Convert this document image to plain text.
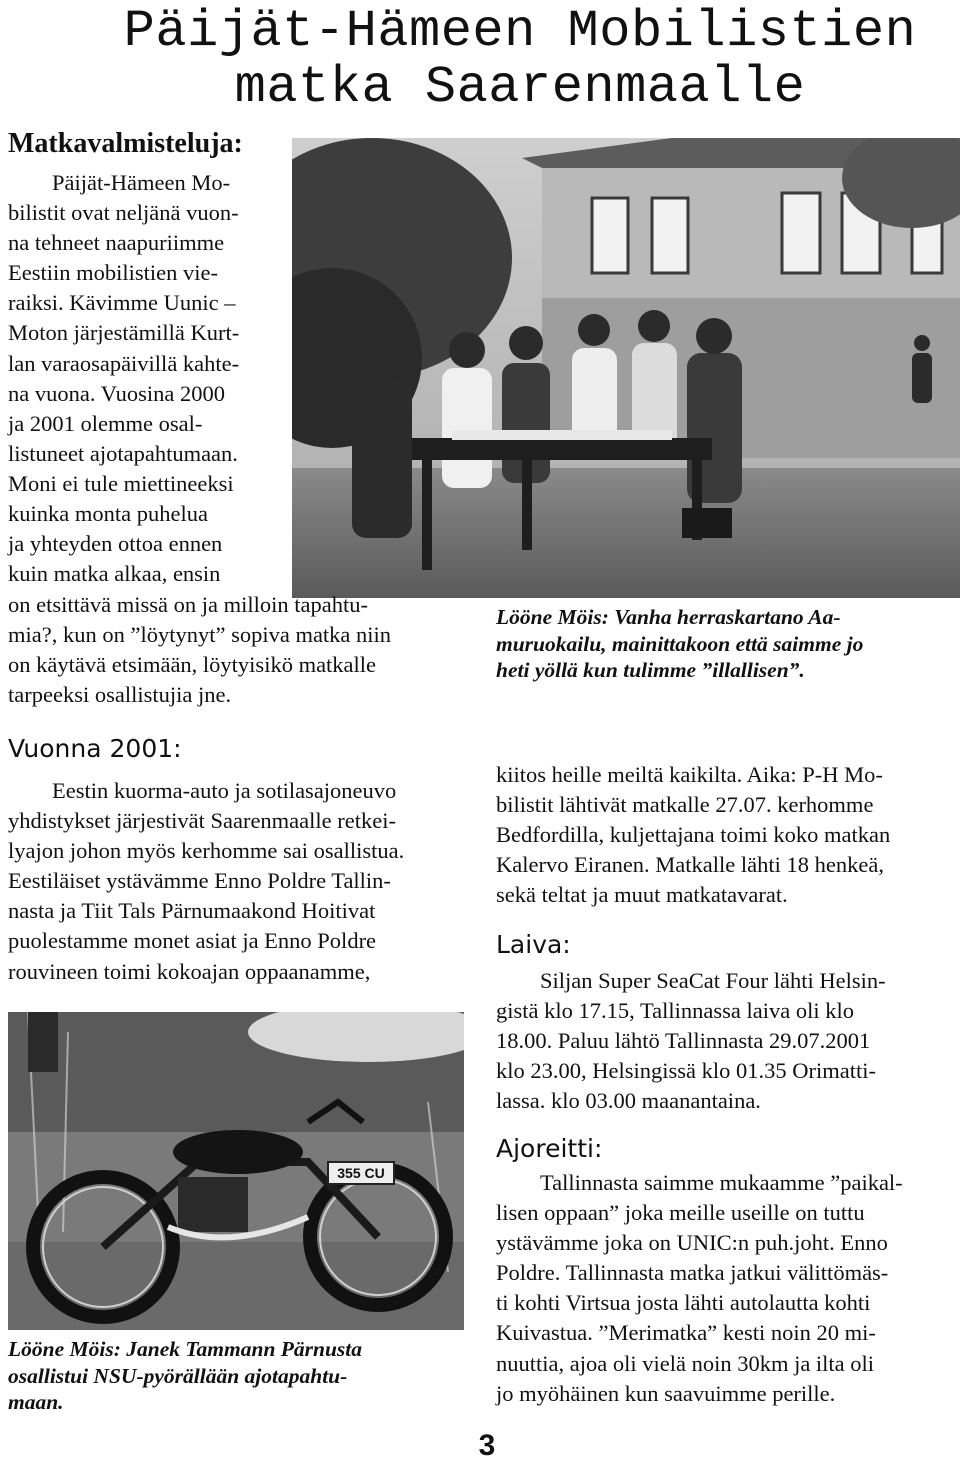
Päijät-Hämeen Mobilistien
matka Saarenmaalle
355 CU
Matkavalmisteluja:

Päijät-Hämeen Mo-

bilistit ovat neljänä vuon-

na tehneet naapuriimme

Eestiin mobilistien vie-

raiksi. Kävimme Uunic –

Moton järjestämillä Kurt-

lan varaosapäivillä kahte-

na vuona. Vuosina 2000

ja 2001 olemme osal-

listuneet ajotapahtumaan.

Moni ei tule miettineeksi

kuinka monta puhelua

ja yhteyden ottoa ennen

kuin matka alkaa, ensin

on etsittävä missä on ja milloin tapahtu-

mia?, kun on ”löytynyt” sopiva matka niin

on käytävä etsimään, löytyisikö matkalle

tarpeeksi osallistujia jne.

Vuonna 2001:

Eestin kuorma-auto ja sotilasajoneuvo

yhdistykset järjestivät Saarenmaalle retkei-

lyajon johon myös kerhomme sai osallistua.

Eestiläiset ystävämme Enno Poldre Tallin-

nasta ja Tiit Tals Pärnumaakond Hoitivat

puolestamme monet asiat ja Enno Poldre

rouvineen toimi kokoajan oppaanamme,

Lööne Möis: Janek Tammann Pärnusta
osallistui NSU-pyörällään ajotapahtu-
maan.
Lööne Möis: Vanha herraskartano Aa-
muruokailu, mainittakoon että saimme jo
heti yöllä kun tulimme ”illallisen”.

kiitos heille meiltä kaikilta. Aika: P-H Mo-

bilistit lähtivät matkalle 27.07. kerhomme

Bedfordilla, kuljettajana toimi koko matkan

Kalervo Eiranen. Matkalle lähti 18 henkeä,

sekä teltat ja muut matkatavarat.

Laiva:

Siljan Super SeaCat Four lähti Helsin-

gistä klo 17.15, Tallinnassa laiva oli klo

18.00. Paluu lähtö Tallinnasta 29.07.2001

klo 23.00, Helsingissä klo 01.35 Orimatti-

lassa. klo 03.00 maanantaina.

Ajoreitti:

Tallinnasta saimme mukaamme ”paikal-

lisen oppaan” joka meille useille on tuttu

ystävämme joka on UNIC:n puh.joht. Enno

Poldre. Tallinnasta matka jatkui välittömäs-

ti kohti Virtsua josta lähti autolautta kohti

Kuivastua. ”Merimatka” kesti noin 20 mi-

nuuttia, ajoa oli vielä noin 30km ja ilta oli

jo myöhäinen kun saavuimme perille.

3
